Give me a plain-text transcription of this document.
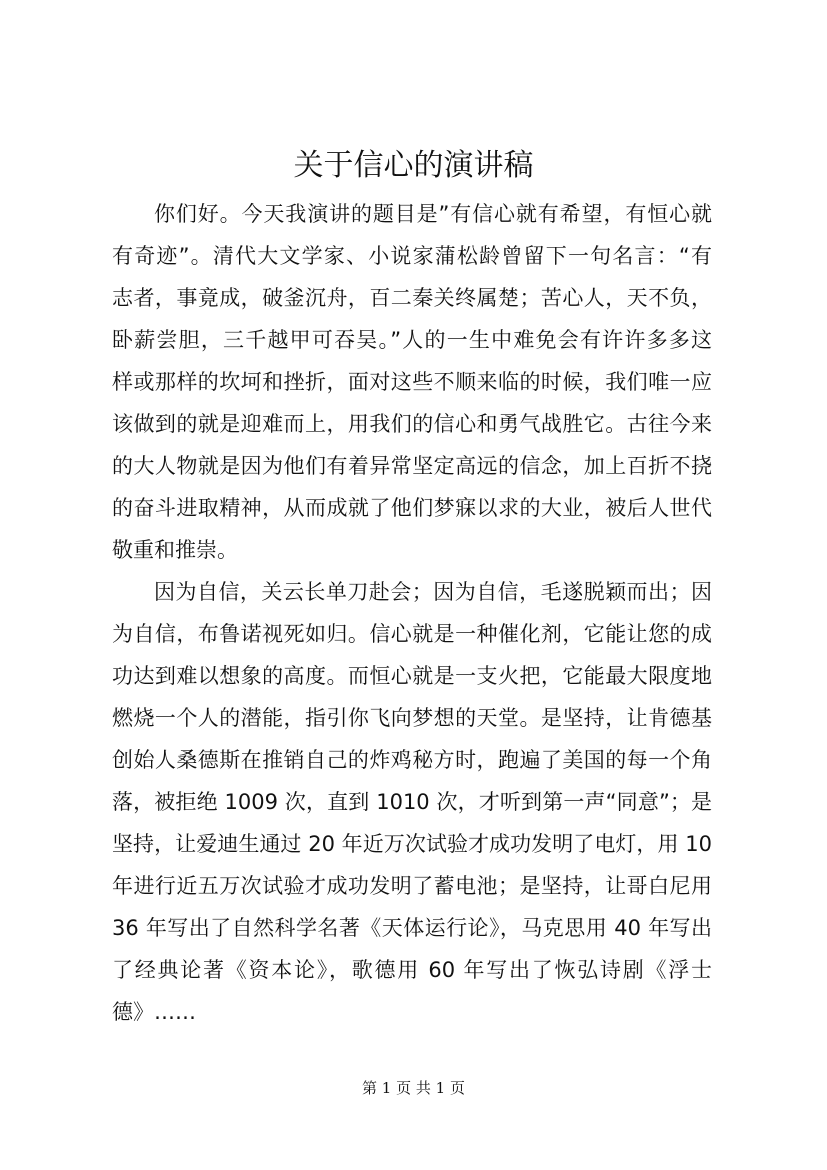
关于信心的演讲稿
你们好。今天我演讲的题目是”有信心就有希望，有恒心就
有奇迹”。清代大文学家、小说家蒲松龄曾留下一句名言：“有
志者，事竟成，破釜沉舟，百二秦关终属楚；苦心人，天不负，
卧薪尝胆，三千越甲可吞吴。”人的一生中难免会有许许多多这
样或那样的坎坷和挫折，面对这些不顺来临的时候，我们唯一应
该做到的就是迎难而上，用我们的信心和勇气战胜它。古往今来
的大人物就是因为他们有着异常坚定高远的信念，加上百折不挠
的奋斗进取精神，从而成就了他们梦寐以求的大业，被后人世代
敬重和推崇。
因为自信，关云长单刀赴会；因为自信，毛遂脱颖而出；因
为自信，布鲁诺视死如归。信心就是一种催化剂，它能让您的成
功达到难以想象的高度。而恒心就是一支火把，它能最大限度地
燃烧一个人的潜能，指引你飞向梦想的天堂。是坚持，让肯德基
创始人桑德斯在推销自己的炸鸡秘方时，跑遍了美国的每一个角
落，被拒绝 1009 次，直到 1010 次，才听到第一声“同意”；是
坚持，让爱迪生通过 20 年近万次试验才成功发明了电灯，用 10
年进行近五万次试验才成功发明了蓄电池；是坚持，让哥白尼用
36 年写出了自然科学名著《天体运行论》，马克思用 40 年写出
了经典论著《资本论》，歌德用 60 年写出了恢弘诗剧《浮士
德》……
第 1 页 共 1 页
